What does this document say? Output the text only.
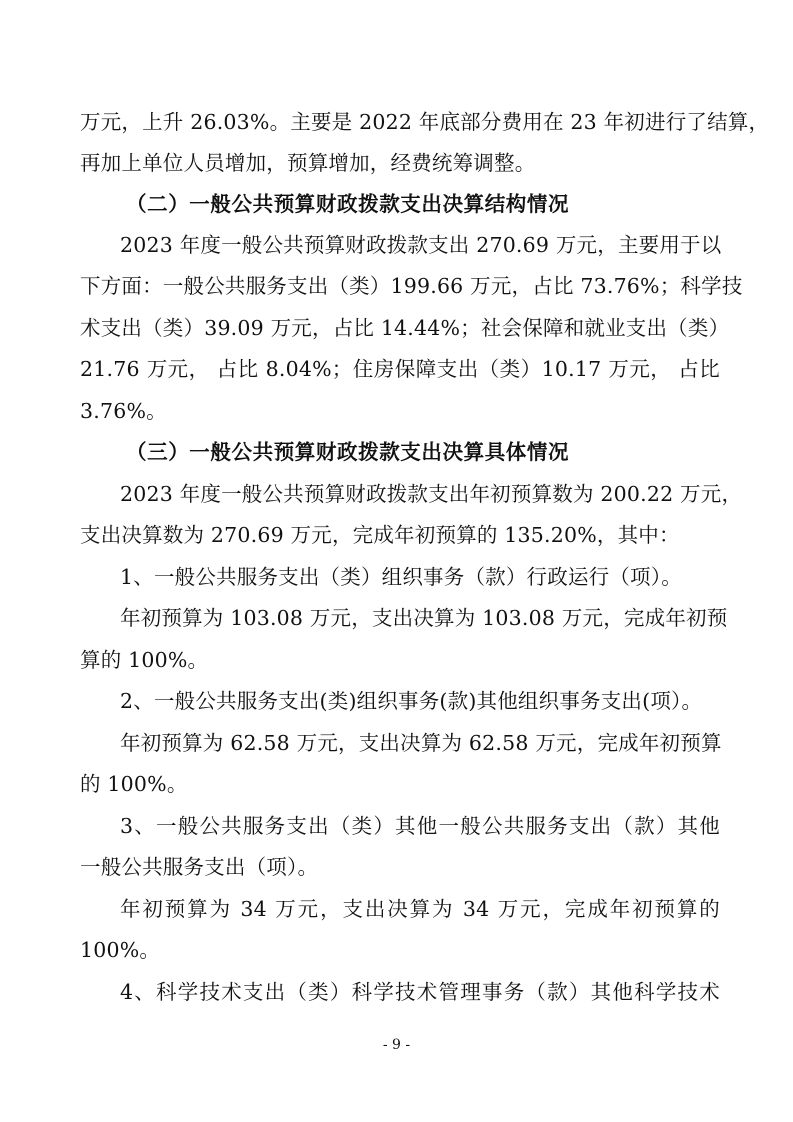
万元，上升 26.03%。主要是 2022 年底部分费用在 23 年初进行了结算，
再加上单位人员增加，预算增加，经费统筹调整。
（二）一般公共预算财政拨款支出决算结构情况
2023 年度一般公共预算财政拨款支出 270.69 万元，主要用于以
下方面：一般公共服务支出（类）199.66 万元，占比 73.76%；科学技
术支出（类）39.09 万元，占比 14.44%；社会保障和就业支出（类）
21.76 万元， 占比 8.04%；住房保障支出（类）10.17 万元， 占比
3.76%。
（三）一般公共预算财政拨款支出决算具体情况
2023 年度一般公共预算财政拨款支出年初预算数为 200.22 万元，
支出决算数为 270.69 万元，完成年初预算的 135.20%，其中：
1、一般公共服务支出（类）组织事务（款）行政运行（项）。
年初预算为 103.08 万元，支出决算为 103.08 万元，完成年初预
算的 100%。
2、一般公共服务支出(类)组织事务(款)其他组织事务支出(项）。
年初预算为 62.58 万元，支出决算为 62.58 万元，完成年初预算
的 100%。
3、一般公共服务支出（类）其他一般公共服务支出（款）其他
一般公共服务支出（项）。
年初预算为 34 万元，支出决算为 34 万元，完成年初预算的
100%。
4、科学技术支出（类）科学技术管理事务（款）其他科学技术
- 9 -
